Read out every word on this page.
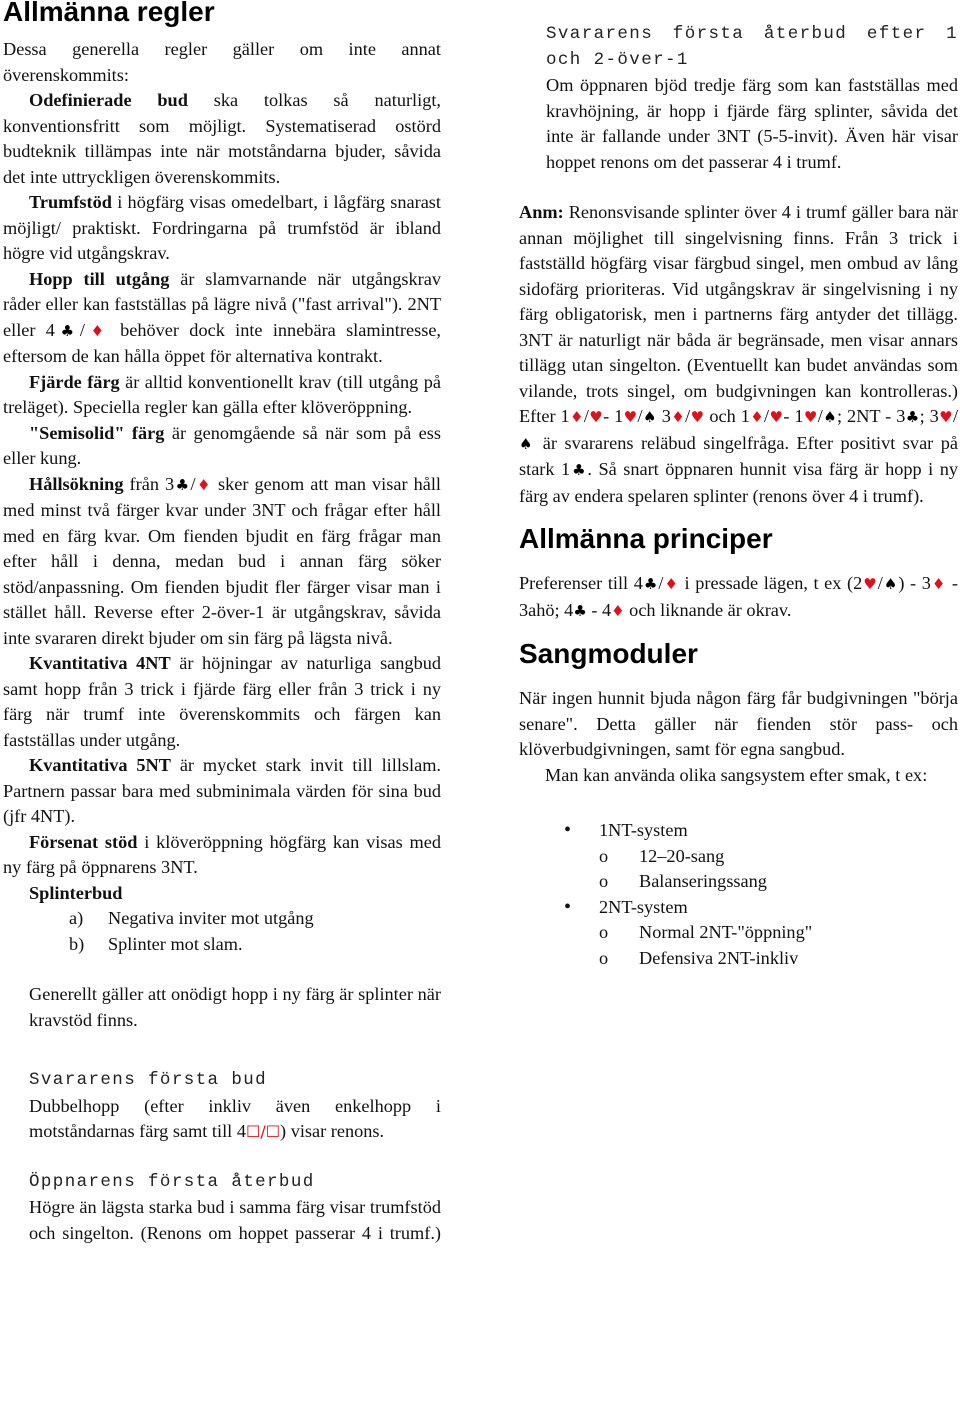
Allmänna regler

Dessa generella regler gäller om inte annat överenskommits:

Odefinierade bud ska tolkas så naturligt, konventionsfritt som möjligt. Systematiserad ostörd budteknik tillämpas inte när motståndarna bjuder, såvida det inte uttryckligen överenskommits.

Trumfstöd i högfärg visas omedelbart, i lågfärg snarast möjligt/ praktiskt. Fordringarna på trumfstöd är ibland högre vid utgångskrav.

Hopp till utgång är slamvarnande när utgångskrav råder eller kan fastställas på lägre nivå ("fast arrival"). 2NT eller 4♣/♦ behöver dock inte innebära slamintresse, eftersom de kan hålla öppet för alternativa kontrakt.

Fjärde färg är alltid konventionellt krav (till utgång på treläget). Speciella regler kan gälla efter klöveröppning.

"Semisolid" färg är genomgående så när som på ess eller kung.

Hållsökning från 3♣/♦ sker genom att man visar håll med minst två färger kvar under 3NT och frågar efter håll med en färg kvar. Om fienden bjudit en färg frågar man efter håll i denna, medan bud i annan färg söker stöd/anpassning. Om fienden bjudit fler färger visar man i stället håll. Reverse efter 2-över-1 är utgångskrav, såvida inte svararen direkt bjuder om sin färg på lägsta nivå.

Kvantitativa 4NT är höjningar av naturliga sangbud samt hopp från 3 trick i fjärde färg eller från 3 trick i ny färg när trumf inte överenskommits och färgen kan fastställas under utgång.

Kvantitativa 5NT är mycket stark invit till lillslam. Partnern passar bara med subminimala värden för sina bud (jfr 4NT).

Försenat stöd i klöveröppning högfärg kan visas med ny färg på öppnarens 3NT.

Splinterbud

a) Negativa inviter mot utgång
b) Splinter mot slam.

Generellt gäller att onödigt hopp i ny färg är splinter när kravstöd finns.

Svararens första bud

Dubbelhopp (efter inkliv även enkelhopp i motståndarnas färg samt till 4☐/☐) visar renons.

Öppnarens första återbud

Högre än lägsta starka bud i samma färg visar trumfstöd och singelton. (Renons om hoppet passerar 4 i trumf.)

Svararens första återbud efter 1 och 2-över-1

Om öppnaren bjöd tredje färg som kan fastställas med kravhöjning, är hopp i fjärde färg splinter, såvida det inte är fallande under 3NT (5-5-invit). Även här visar hoppet renons om det passerar 4 i trumf.

Anm: Renonsvisande splinter över 4 i trumf gäller bara när annan möjlighet till singelvisning finns. Från 3 trick i fastställd högfärg visar färgbud singel, men ombud av lång sidofärg prioriteras. Vid utgångskrav är singelvisning i ny färg obligatorisk, men i partnerns färg antyder det tillägg. 3NT är naturligt när båda är begränsade, men visar annars tillägg utan singelton. (Eventuellt kan budet användas som vilande, trots singel, om budgivningen kan kontrolleras.) Efter 1♦/♥- 1♥/♠ 3♦/♥ och 1♦/♥- 1♥/♠; 2NT - 3♣; 3♥/♠ är svararens reläbud singelfråga. Efter positivt svar på stark 1♣. Så snart öppnaren hunnit visa färg är hopp i ny färg av endera spelaren splinter (renons över 4 i trumf).

Allmänna principer

Preferenser till 4♣/♦ i pressade lägen, t ex (2♥/♠) - 3♦ - 3ahö; 4♣ - 4♦ och liknande är okrav.

Sangmoduler

När ingen hunnit bjuda någon färg får budgivningen "börja senare". Detta gäller när fienden stör pass- och klöverbudgivningen, samt för egna sangbud.

Man kan använda olika sangsystem efter smak, t ex:

• 1NT-system
o 12–20-sang
o Balanseringssang
• 2NT-system
o Normal 2NT-"öppning"
o Defensiva 2NT-inkliv
